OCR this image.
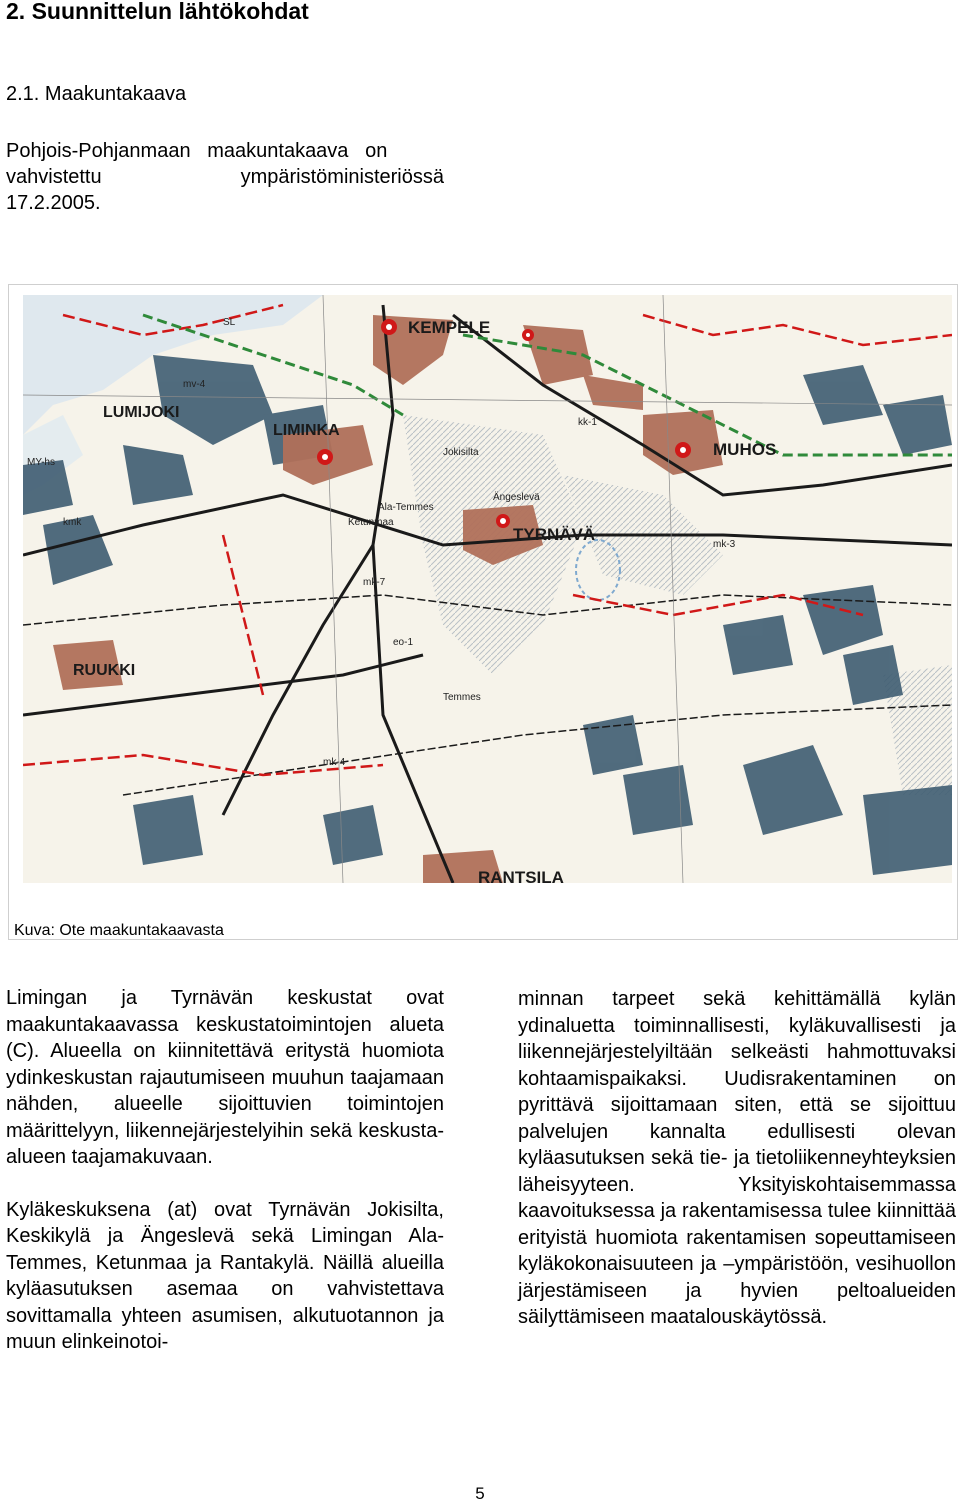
2. Suunnittelun lähtökohdat
2.1. Maakuntakaava
Pohjois-Pohjanmaan   maakuntakaava   on
vahvistettu	ympäristöministeriössä
17.2.2005.
KEMPELE
LUMIJOKI
LIMINKA
MUHOS
TYRNÄVÄ
RUUKKI
RANTSILA
Jokisilta
Ängeslevä
Ala-Temmes
Ketunmaa
Temmes
mk-3
mk-4
mk-7
mv-4
eo-1
kmk
SL
MY-hs
kk-1
Kuva: Ote maakuntakaavasta

Limingan ja Tyrnävän keskustat ovat maakuntakaavassa keskustatoimintojen alueta (C). Alueella on kiinnitettävä eritystä huomiota ydinkeskustan rajautumiseen muuhun taajamaan nähden, alueelle sijoittuvien toimintojen määrittelyyn, liikennejärjestelyihin sekä keskusta-alueen taajamakuvaan.

Kyläkeskuksena (at) ovat Tyrnävän Jokisilta, Keskikylä ja Ängeslevä sekä Limingan Ala-Temmes, Ketunmaa ja Rantakylä. Näillä alueilla kyläasutuksen asemaa on vahvistettava sovittamalla yhteen asumisen, alkutuotannon ja muun elinkeinotoi-

minnan tarpeet sekä kehittämällä kylän ydinaluetta toiminnallisesti, kyläkuvallisesti ja liikennejärjestelyiltään selkeästi hahmottuvaksi kohtaamispaikaksi. Uudisrakentaminen on pyrittävä sijoittamaan siten, että se sijoittuu palvelujen kannalta edullisesti olevan kyläasutuksen sekä tie- ja tietoliikenneyhteyksien läheisyyteen. Yksityiskohtaisemmassa kaavoituksessa ja rakentamisessa tulee kiinnittää erityistä huomiota rakentamisen sopeuttamiseen kyläkokonaisuuteen ja –ympäristöön, vesihuollon järjestämiseen ja hyvien peltoalueiden säilyttämiseen maatalouskäytössä.

5
